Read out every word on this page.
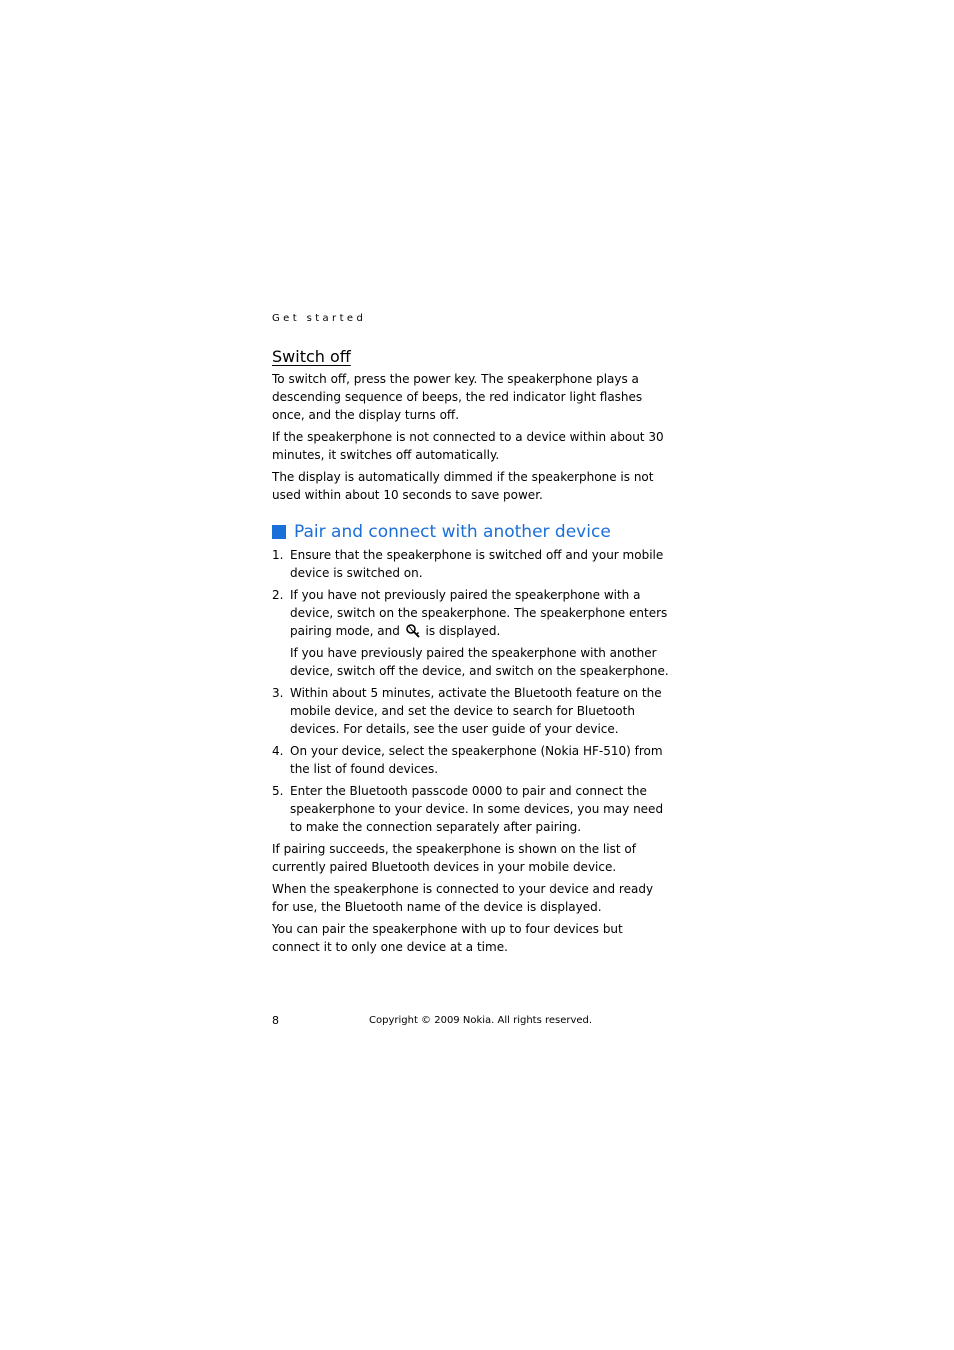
Get started
Switch off

To switch off, press the power key. The speakerphone plays a descending sequence of beeps, the red indicator light flashes once, and the display turns off.

If the speakerphone is not connected to a device within about 30 minutes, it switches off automatically.

The display is automatically dimmed if the speakerphone is not used within about 10 seconds to save power.

Pair and connect with another device
1. Ensure that the speakerphone is switched off and your mobile device is switched on.

2. If you have not previously paired the speakerphone with a device, switch on the speakerphone. The speakerphone enters pairing mode, and is displayed.

If you have previously paired the speakerphone with another device, switch off the device, and switch on the speakerphone.

3. Within about 5 minutes, activate the Bluetooth feature on the mobile device, and set the device to search for Bluetooth devices. For details, see the user guide of your device.

4. On your device, select the speakerphone (Nokia HF-510) from the list of found devices.

5. Enter the Bluetooth passcode 0000 to pair and connect the speakerphone to your device. In some devices, you may need to make the connection separately after pairing.

If pairing succeeds, the speakerphone is shown on the list of currently paired Bluetooth devices in your mobile device.

When the speakerphone is connected to your device and ready for use, the Bluetooth name of the device is displayed.

You can pair the speakerphone with up to four devices but connect it to only one device at a time.

8	Copyright © 2009 Nokia. All rights reserved.
